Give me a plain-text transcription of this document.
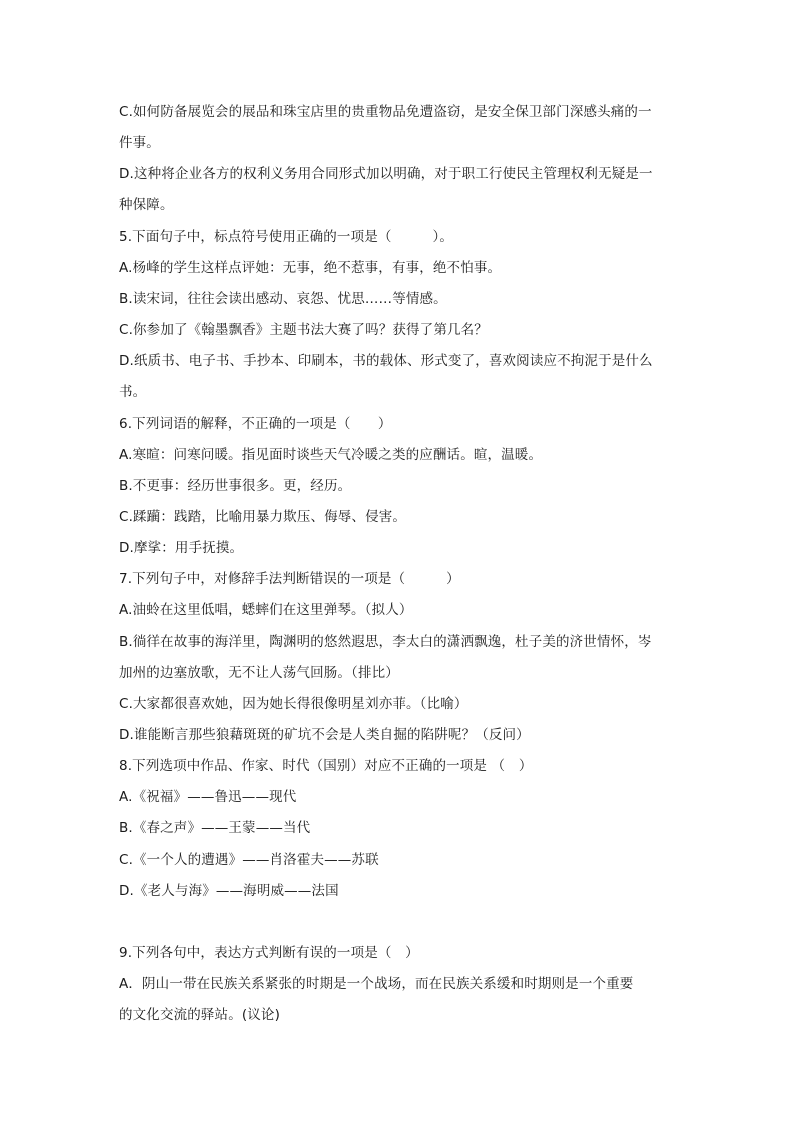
C.如何防备展览会的展品和珠宝店里的贵重物品免遭盗窃，是安全保卫部门深感头痛的一
件事。
D.这种将企业各方的权利义务用合同形式加以明确，对于职工行使民主管理权利无疑是一
种保障。
5.下面句子中，标点符号使用正确的一项是（　　　）。
A.杨峰的学生这样点评她：无事，绝不惹事，有事，绝不怕事。
B.读宋词，往往会读出感动、哀怨、忧思……等情感。
C.你参加了《翰墨飘香》主题书法大赛了吗？获得了第几名？
D.纸质书、电子书、手抄本、印刷本，书的载体、形式变了，喜欢阅读应不拘泥于是什么
书。
6.下列词语的解释，不正确的一项是（　　）
A.寒暄：问寒问暖。指见面时谈些天气冷暖之类的应酬话。暄，温暖。
B.不更事：经历世事很多。更，经历。
C.蹂躏：践踏，比喻用暴力欺压、侮辱、侵害。
D.摩挲：用手抚摸。
7.下列句子中，对修辞手法判断错误的一项是（　　　）
A.油蛉在这里低唱，蟋蟀们在这里弹琴。（拟人）
B.徜徉在故事的海洋里，陶渊明的悠然遐思，李太白的潇洒飘逸，杜子美的济世情怀，岑
加州的边塞放歌，无不让人荡气回肠。（排比）
C.大家都很喜欢她，因为她长得很像明星刘亦菲。（比喻）
D.谁能断言那些狼藉斑斑的矿坑不会是人类自掘的陷阱呢？（反问）
8.下列选项中作品、作家、时代（国别）对应不正确的一项是 （　）
A.《祝福》——鲁迅——现代
B.《春之声》——王蒙——当代
C.《一个人的遭遇》——肖洛霍夫——苏联
D.《老人与海》——海明威——法国
9.下列各句中，表达方式判断有误的一项是（　）
A．阴山一带在民族关系紧张的时期是一个战场，而在民族关系缓和时期则是一个重要
的文化交流的驿站。(议论)
